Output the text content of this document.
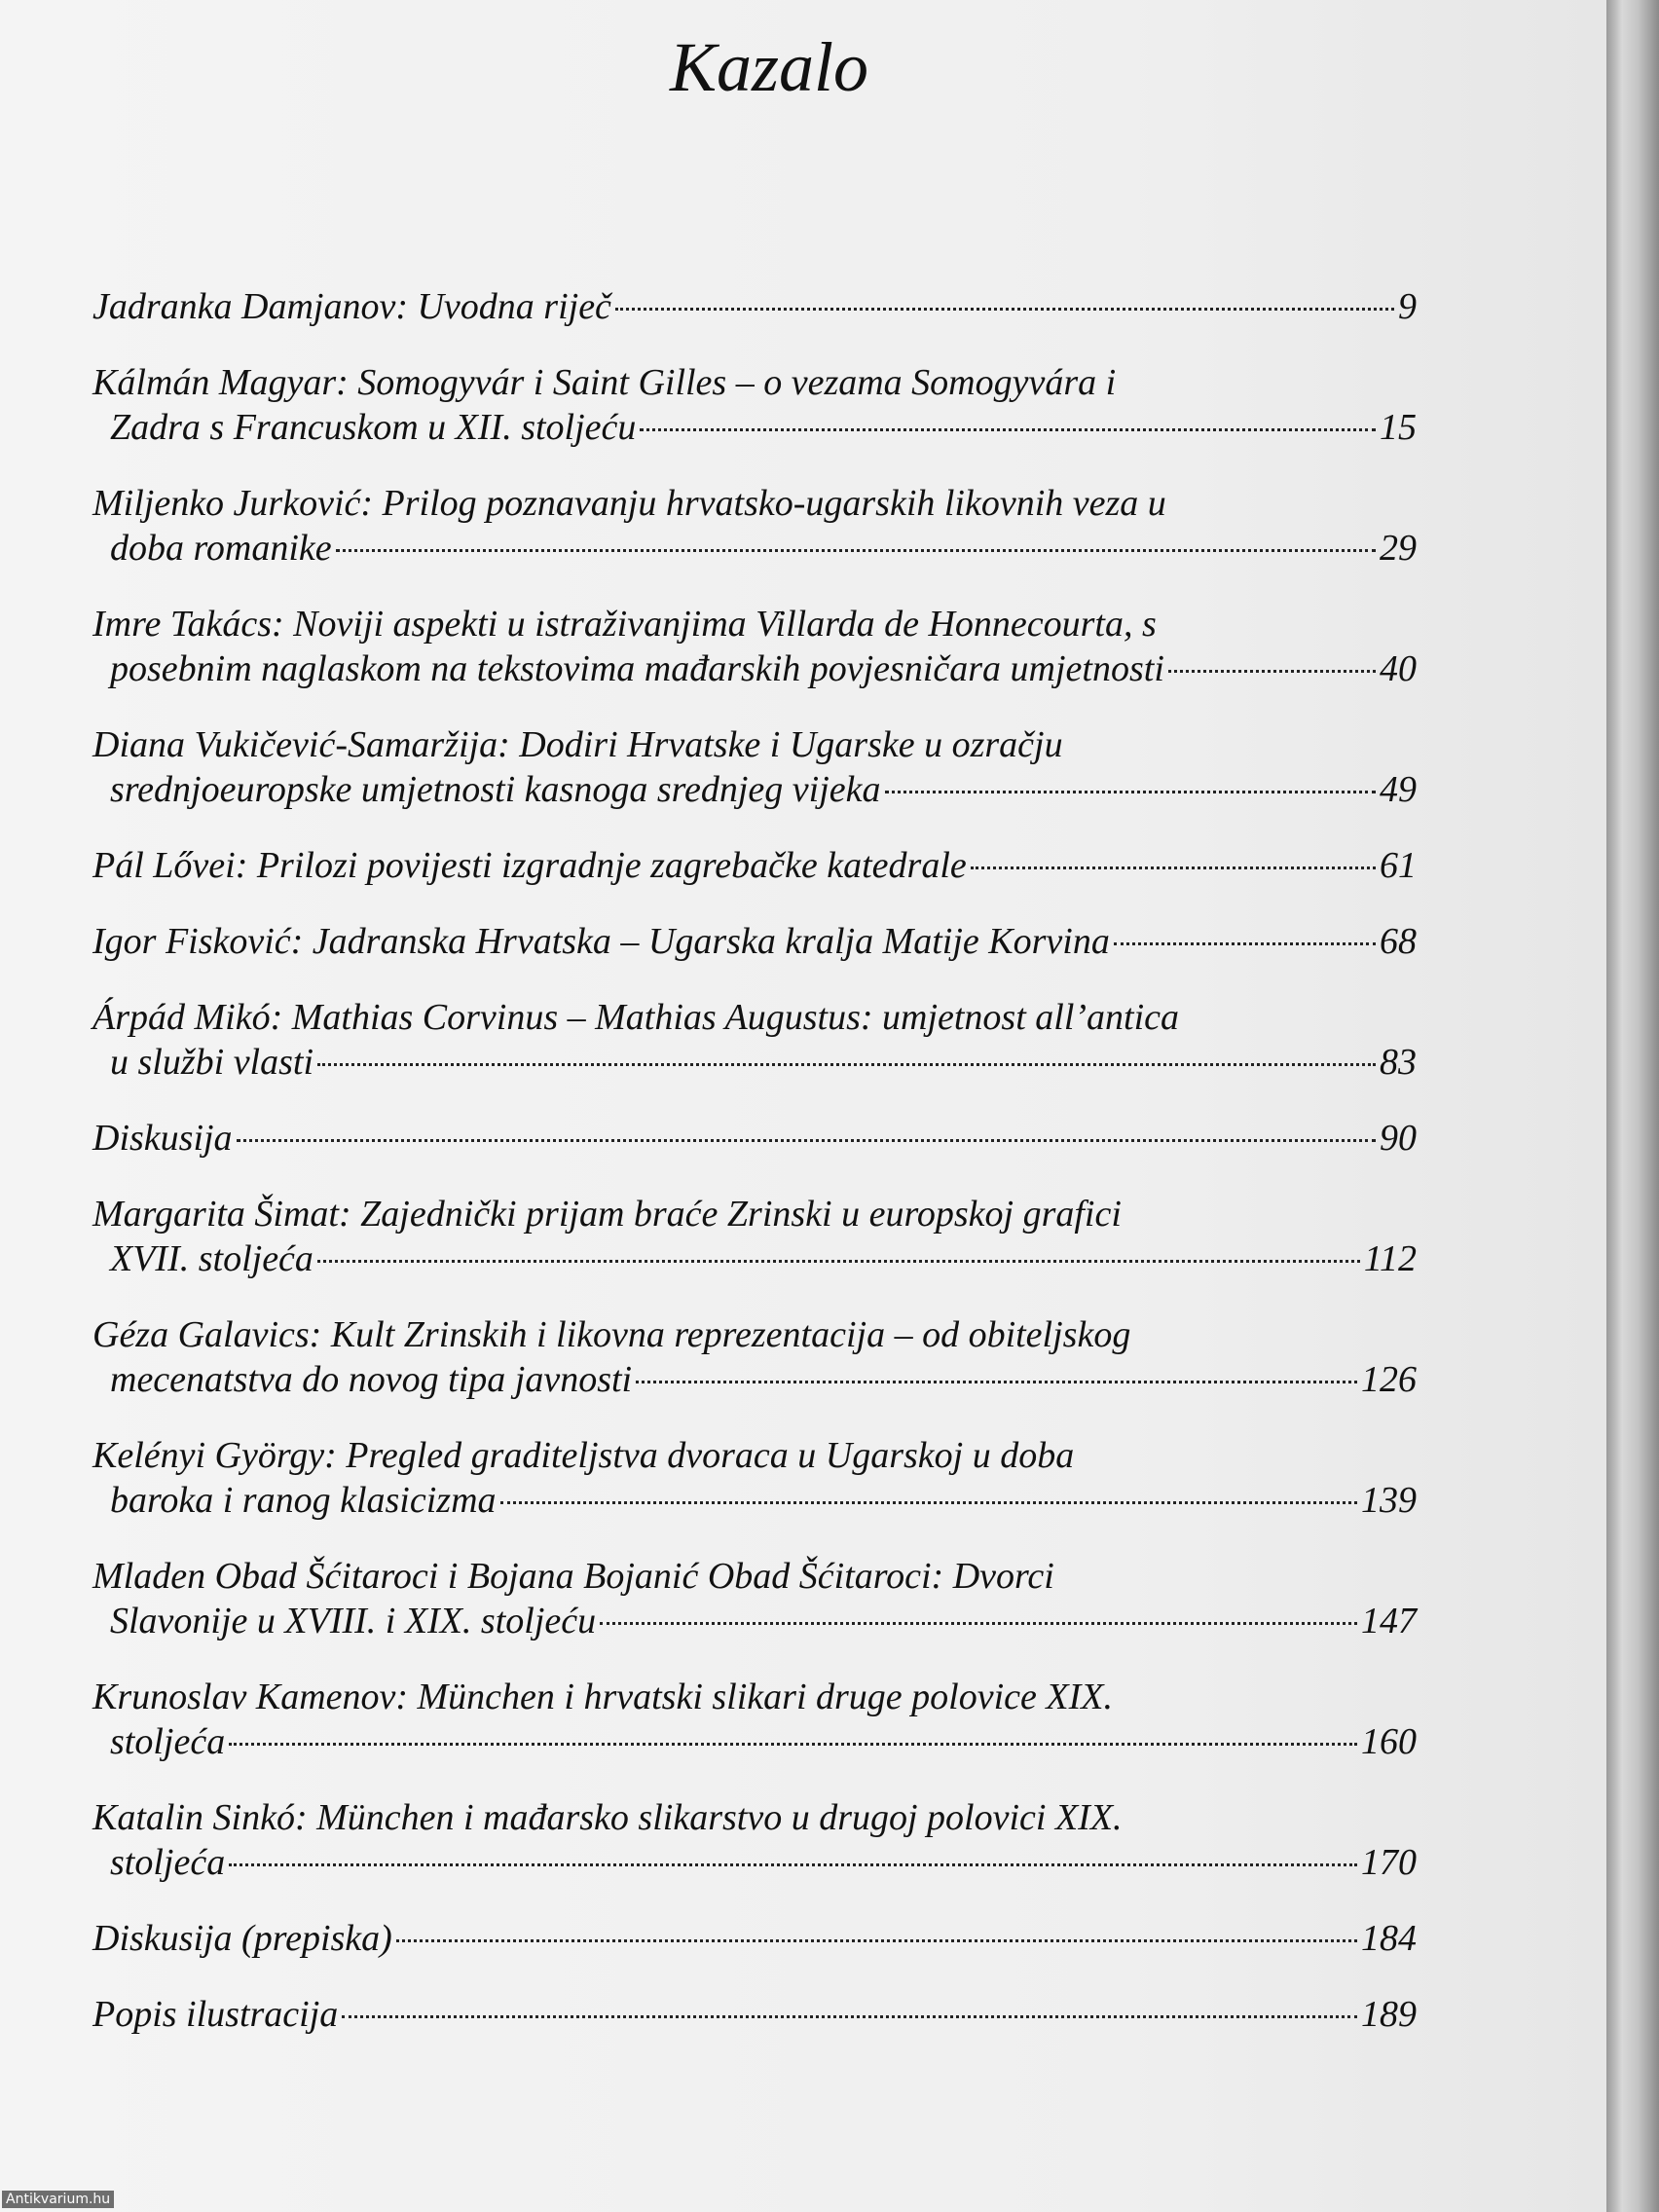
Kazalo
Jadranka Damjanov: Uvodna riječ	9
Kálmán Magyar: Somogyvár i Saint Gilles – o vezama Somogyvára i
Zadra s Francuskom u XII. stoljeću	15
Miljenko Jurković: Prilog poznavanju hrvatsko-ugarskih likovnih veza u
doba romanike	29
Imre Takács: Noviji aspekti u istraživanjima Villarda de Honnecourta, s
posebnim naglaskom na tekstovima mađarskih povjesničara umjetnosti	40
Diana Vukičević-Samaržija: Dodiri Hrvatske i Ugarske u ozračju
srednjoeuropske umjetnosti kasnoga srednjeg vijeka	49
Pál Lővei: Prilozi povijesti izgradnje zagrebačke katedrale	61
Igor Fisković: Jadranska Hrvatska – Ugarska kralja Matije Korvina	68
Árpád Mikó: Mathias Corvinus – Mathias Augustus: umjetnost all’antica
u službi vlasti	83
Diskusija	90
Margarita Šimat: Zajednički prijam braće Zrinski u europskoj grafici
XVII. stoljeća	112
Géza Galavics: Kult Zrinskih i likovna reprezentacija – od obiteljskog
mecenatstva do novog tipa javnosti	126
Kelényi György: Pregled graditeljstva dvoraca u Ugarskoj u doba
baroka i ranog klasicizma	139
Mladen Obad Šćitaroci i Bojana Bojanić Obad Šćitaroci: Dvorci
Slavonije u XVIII. i XIX. stoljeću	147
Krunoslav Kamenov: München i hrvatski slikari druge polovice XIX.
stoljeća	160
Katalin Sinkó: München i mađarsko slikarstvo u drugoj polovici XIX.
stoljeća	170
Diskusija (prepiska)	184
Popis ilustracija	189
Antikvarium.hu
